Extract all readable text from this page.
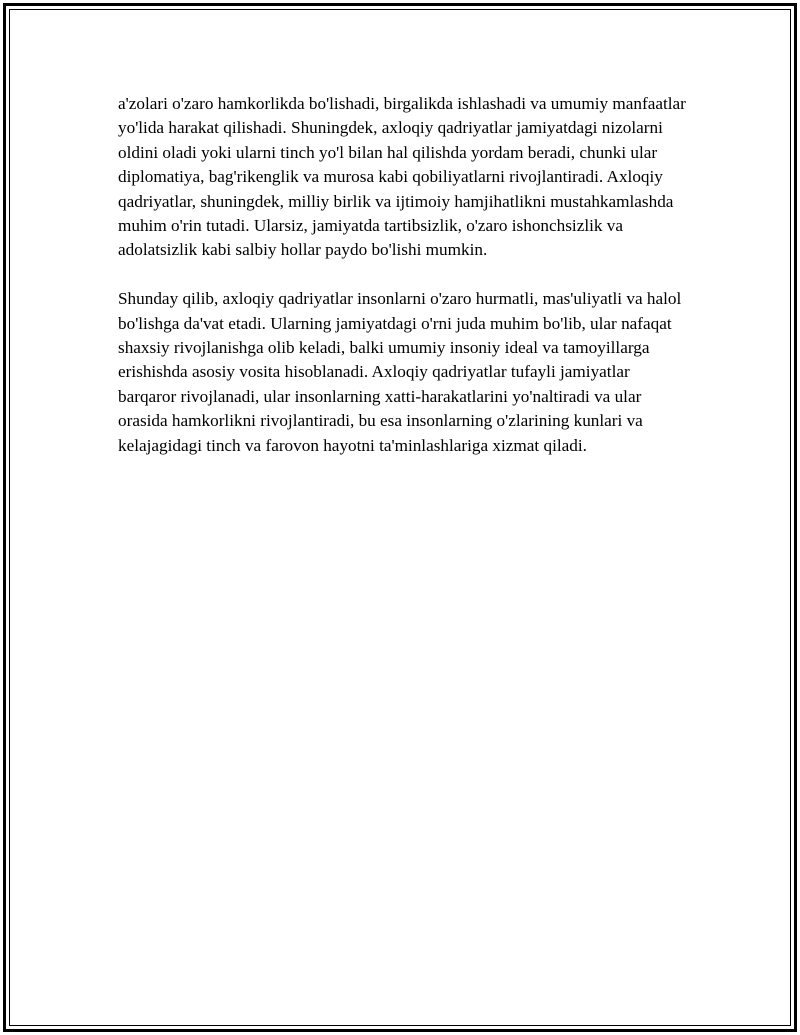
a'zolari o'zaro hamkorlikda bo'lishadi, birgalikda ishlashadi va umumiy manfaatlar yo'lida harakat qilishadi. Shuningdek, axloqiy qadriyatlar jamiyatdagi nizolarni oldini oladi yoki ularni tinch yo'l bilan hal qilishda yordam beradi, chunki ular diplomatiya, bag'rikenglik va murosa kabi qobiliyatlarni rivojlantiradi. Axloqiy qadriyatlar, shuningdek, milliy birlik va ijtimoiy hamjihatlikni mustahkamlashda muhim o'rin tutadi. Ularsiz, jamiyatda tartibsizlik, o'zaro ishonchsizlik va adolatsizlik kabi salbiy hollar paydo bo'lishi mumkin.

Shunday qilib, axloqiy qadriyatlar insonlarni o'zaro hurmatli, mas'uliyatli va halol bo'lishga da'vat etadi. Ularning jamiyatdagi o'rni juda muhim bo'lib, ular nafaqat shaxsiy rivojlanishga olib keladi, balki umumiy insoniy ideal va tamoyillarga erishishda asosiy vosita hisoblanadi. Axloqiy qadriyatlar tufayli jamiyatlar barqaror rivojlanadi, ular insonlarning xatti-harakatlarini yo'naltiradi va ular orasida hamkorlikni rivojlantiradi, bu esa insonlarning o'zlarining kunlari va kelajagidagi tinch va farovon hayotni ta'minlashlariga xizmat qiladi.
